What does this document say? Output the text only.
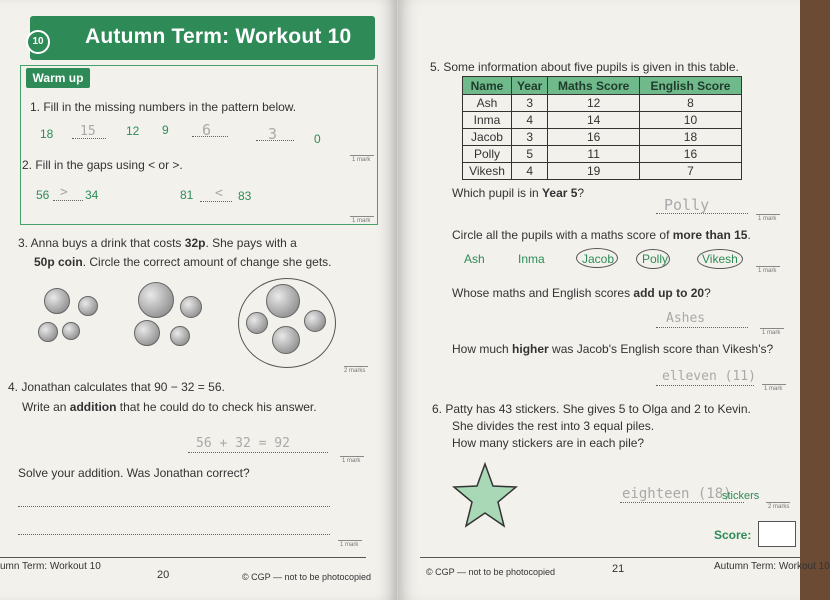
Autumn Term: Workout 10
10
Warm up
1. Fill in the missing numbers in the pattern below.
18 15	12 9 6	3	0
1 mark
2. Fill in the gaps using < or >.
56 > 34	81 < 83
1 mark
3. Anna buys a drink that costs 32p. She pays with a
50p coin. Circle the correct amount of change she gets.
2 marks
4. Jonathan calculates that 90 − 32 = 56.
Write an addition that he could do to check his answer.
56 + 32 = 92
1 mark
Solve your addition. Was Jonathan correct?
1 mark
umn Term: Workout 10
20	© CGP — not to be photocopied
5. Some information about five pupils is given in this table.
Name	Year	Maths Score	English Score
Ash	3	12	8
Inma	4	14	10
Jacob	3	16	18
Polly	5	11	16
Vikesh	4	19	7
Which pupil is in Year 5?
Polly
1 mark
Circle all the pupils with a maths score of more than 15.
Ash	Inma	Jacob Polly	Vikesh
1 mark
Whose maths and English scores add up to 20?
Ashes
1 mark
How much higher was Jacob's English score than Vikesh's?
elleven (11)
1 mark
6. Patty has 43 stickers. She gives 5 to Olga and 2 to Kevin.
She divides the rest into 3 equal piles.
How many stickers are in each pile?
eighteen (18)
stickers
2 marks
Score:
© CGP — not to be photocopied	21	Autumn Term: Workout 10
